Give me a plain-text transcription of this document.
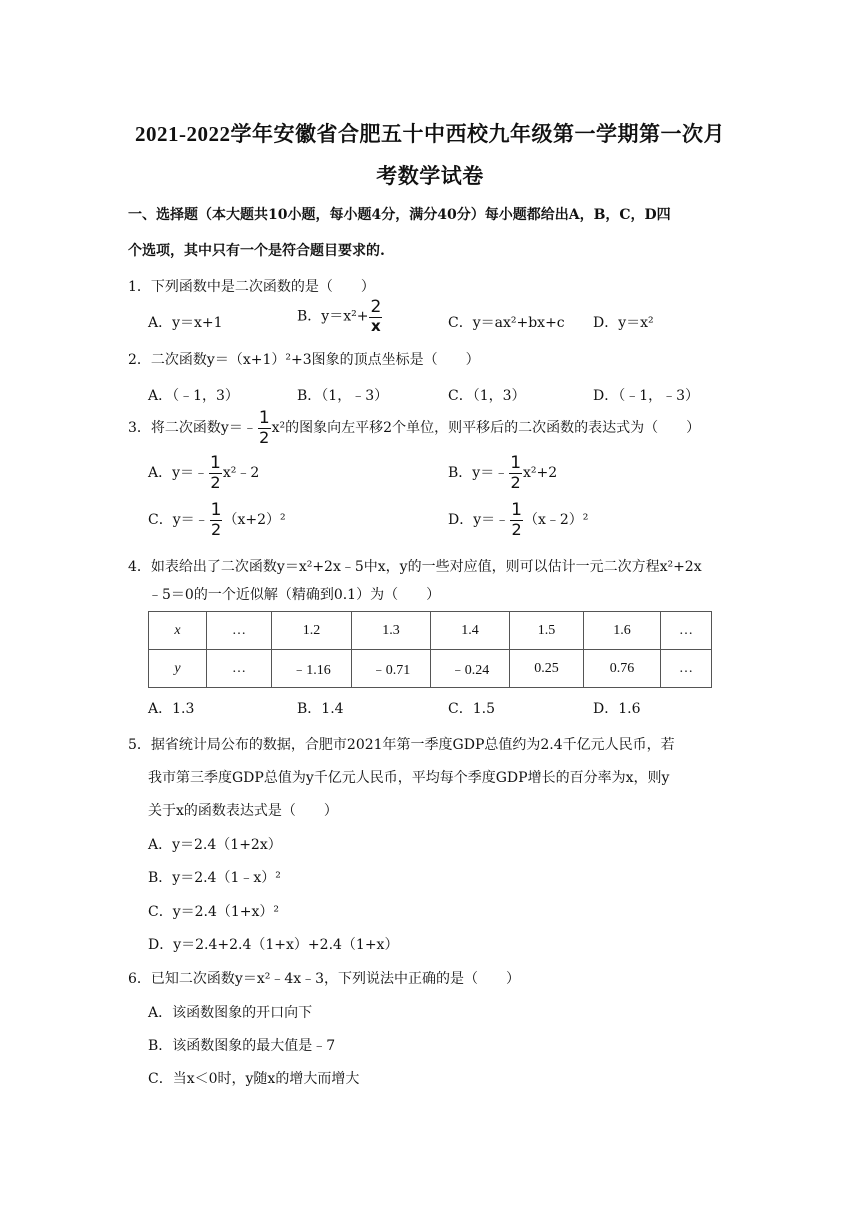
2021-2022学年安徽省合肥五十中西校九年级第一学期第一次月
考数学试卷
一、选择题（本大题共10小题，每小题4分，满分40分）每小题都给出A，B，C，D四
个选项，其中只有一个是符合题目要求的.
1．下列函数中是二次函数的是（　　）
A．y＝x+1	B．$y=x^2+ \frac{2}{x}$	C．y＝ax²+bx+c D．y＝x²
2．二次函数y＝（x+1）²+3图象的顶点坐标是（　　）
A．（﹣1，3）	B．（1，﹣3）	C．（1，3）	D．（﹣1，﹣3）
3．将二次函数y＝﹣ $\frac{1}{2} x^2$的图象向左平移2个单位，则平移后的二次函数的表达式为（　　）
A．y＝﹣ $\frac{1}{2}$ x²﹣2	B．y＝﹣ $\frac{1}{2} x^2+2$
C．y＝﹣ $\frac{1}{2} (x+2)^2$	D．y＝﹣ $\frac{1}{2}$ （x﹣2）²
4．如表给出了二次函数y＝x²+2x﹣5中x，y的一些对应值，则可以估计一元二次方程x²+2x
﹣5＝0的一个近似解（精确到0.1）为（　　）
x	…	1.2	1.3	1.4	1.5	1.6	…
y	…	﹣1.16	﹣0.71	﹣0.24	0.25	0.76	…
A．1.3	B．1.4	C．1.5	D．1.6
5．据省统计局公布的数据，合肥市2021年第一季度GDP总值约为2.4千亿元人民币，若
我市第三季度GDP总值为y千亿元人民币，平均每个季度GDP增长的百分率为x，则y
关于x的函数表达式是（　　）
A．y＝2.4（1+2x）
B．y＝2.4（1﹣x）²
C．y＝2.4（1+x）²
D．y＝2.4+2.4（1+x）+2.4（1+x）
6．已知二次函数y＝x²﹣4x﹣3，下列说法中正确的是（　　）
A．该函数图象的开口向下
B．该函数图象的最大值是﹣7
C．当x＜0时，y随x的增大而增大
